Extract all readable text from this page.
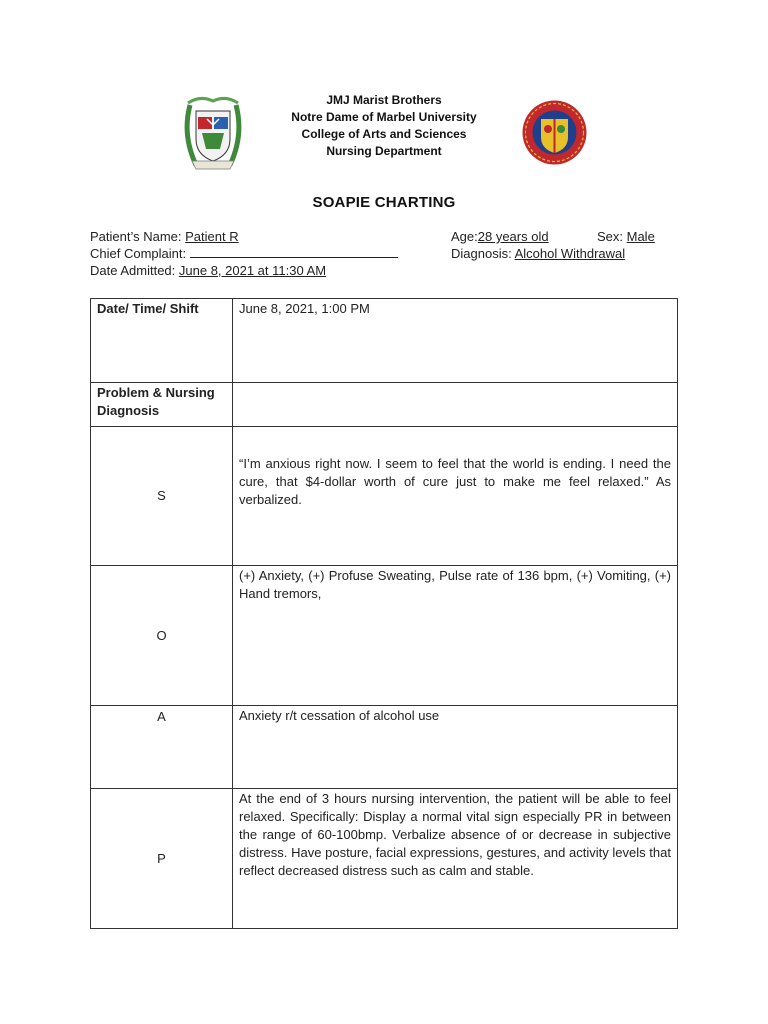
JMJ Marist Brothers
Notre Dame of Marbel University
College of Arts and Sciences
Nursing Department
SOAPIE CHARTING
Patient’s Name: Patient R	Age:28 years old	Sex: Male
Chief Complaint:	Diagnosis: Alcohol Withdrawal
Date Admitted: June 8, 2021 at 11:30 AM
Date/ Time/ Shift	June 8, 2021, 1:00 PM

Problem & Nursing Diagnosis	

S	“I’m anxious right now. I seem to feel that the world is ending. I need the cure, that $4-dollar worth of cure just to make me feel relaxed.” As verbalized.

O	(+) Anxiety, (+) Profuse Sweating, Pulse rate of 136 bpm, (+) Vomiting, (+) Hand tremors,

A	Anxiety r/t cessation of alcohol use

P	At the end of 3 hours nursing intervention, the patient will be able to feel relaxed. Specifically: Display a normal vital sign especially PR in between the range of 60-100bmp. Verbalize absence of or decrease in subjective distress. Have posture, facial expressions, gestures, and activity levels that reflect decreased distress such as calm and stable.
